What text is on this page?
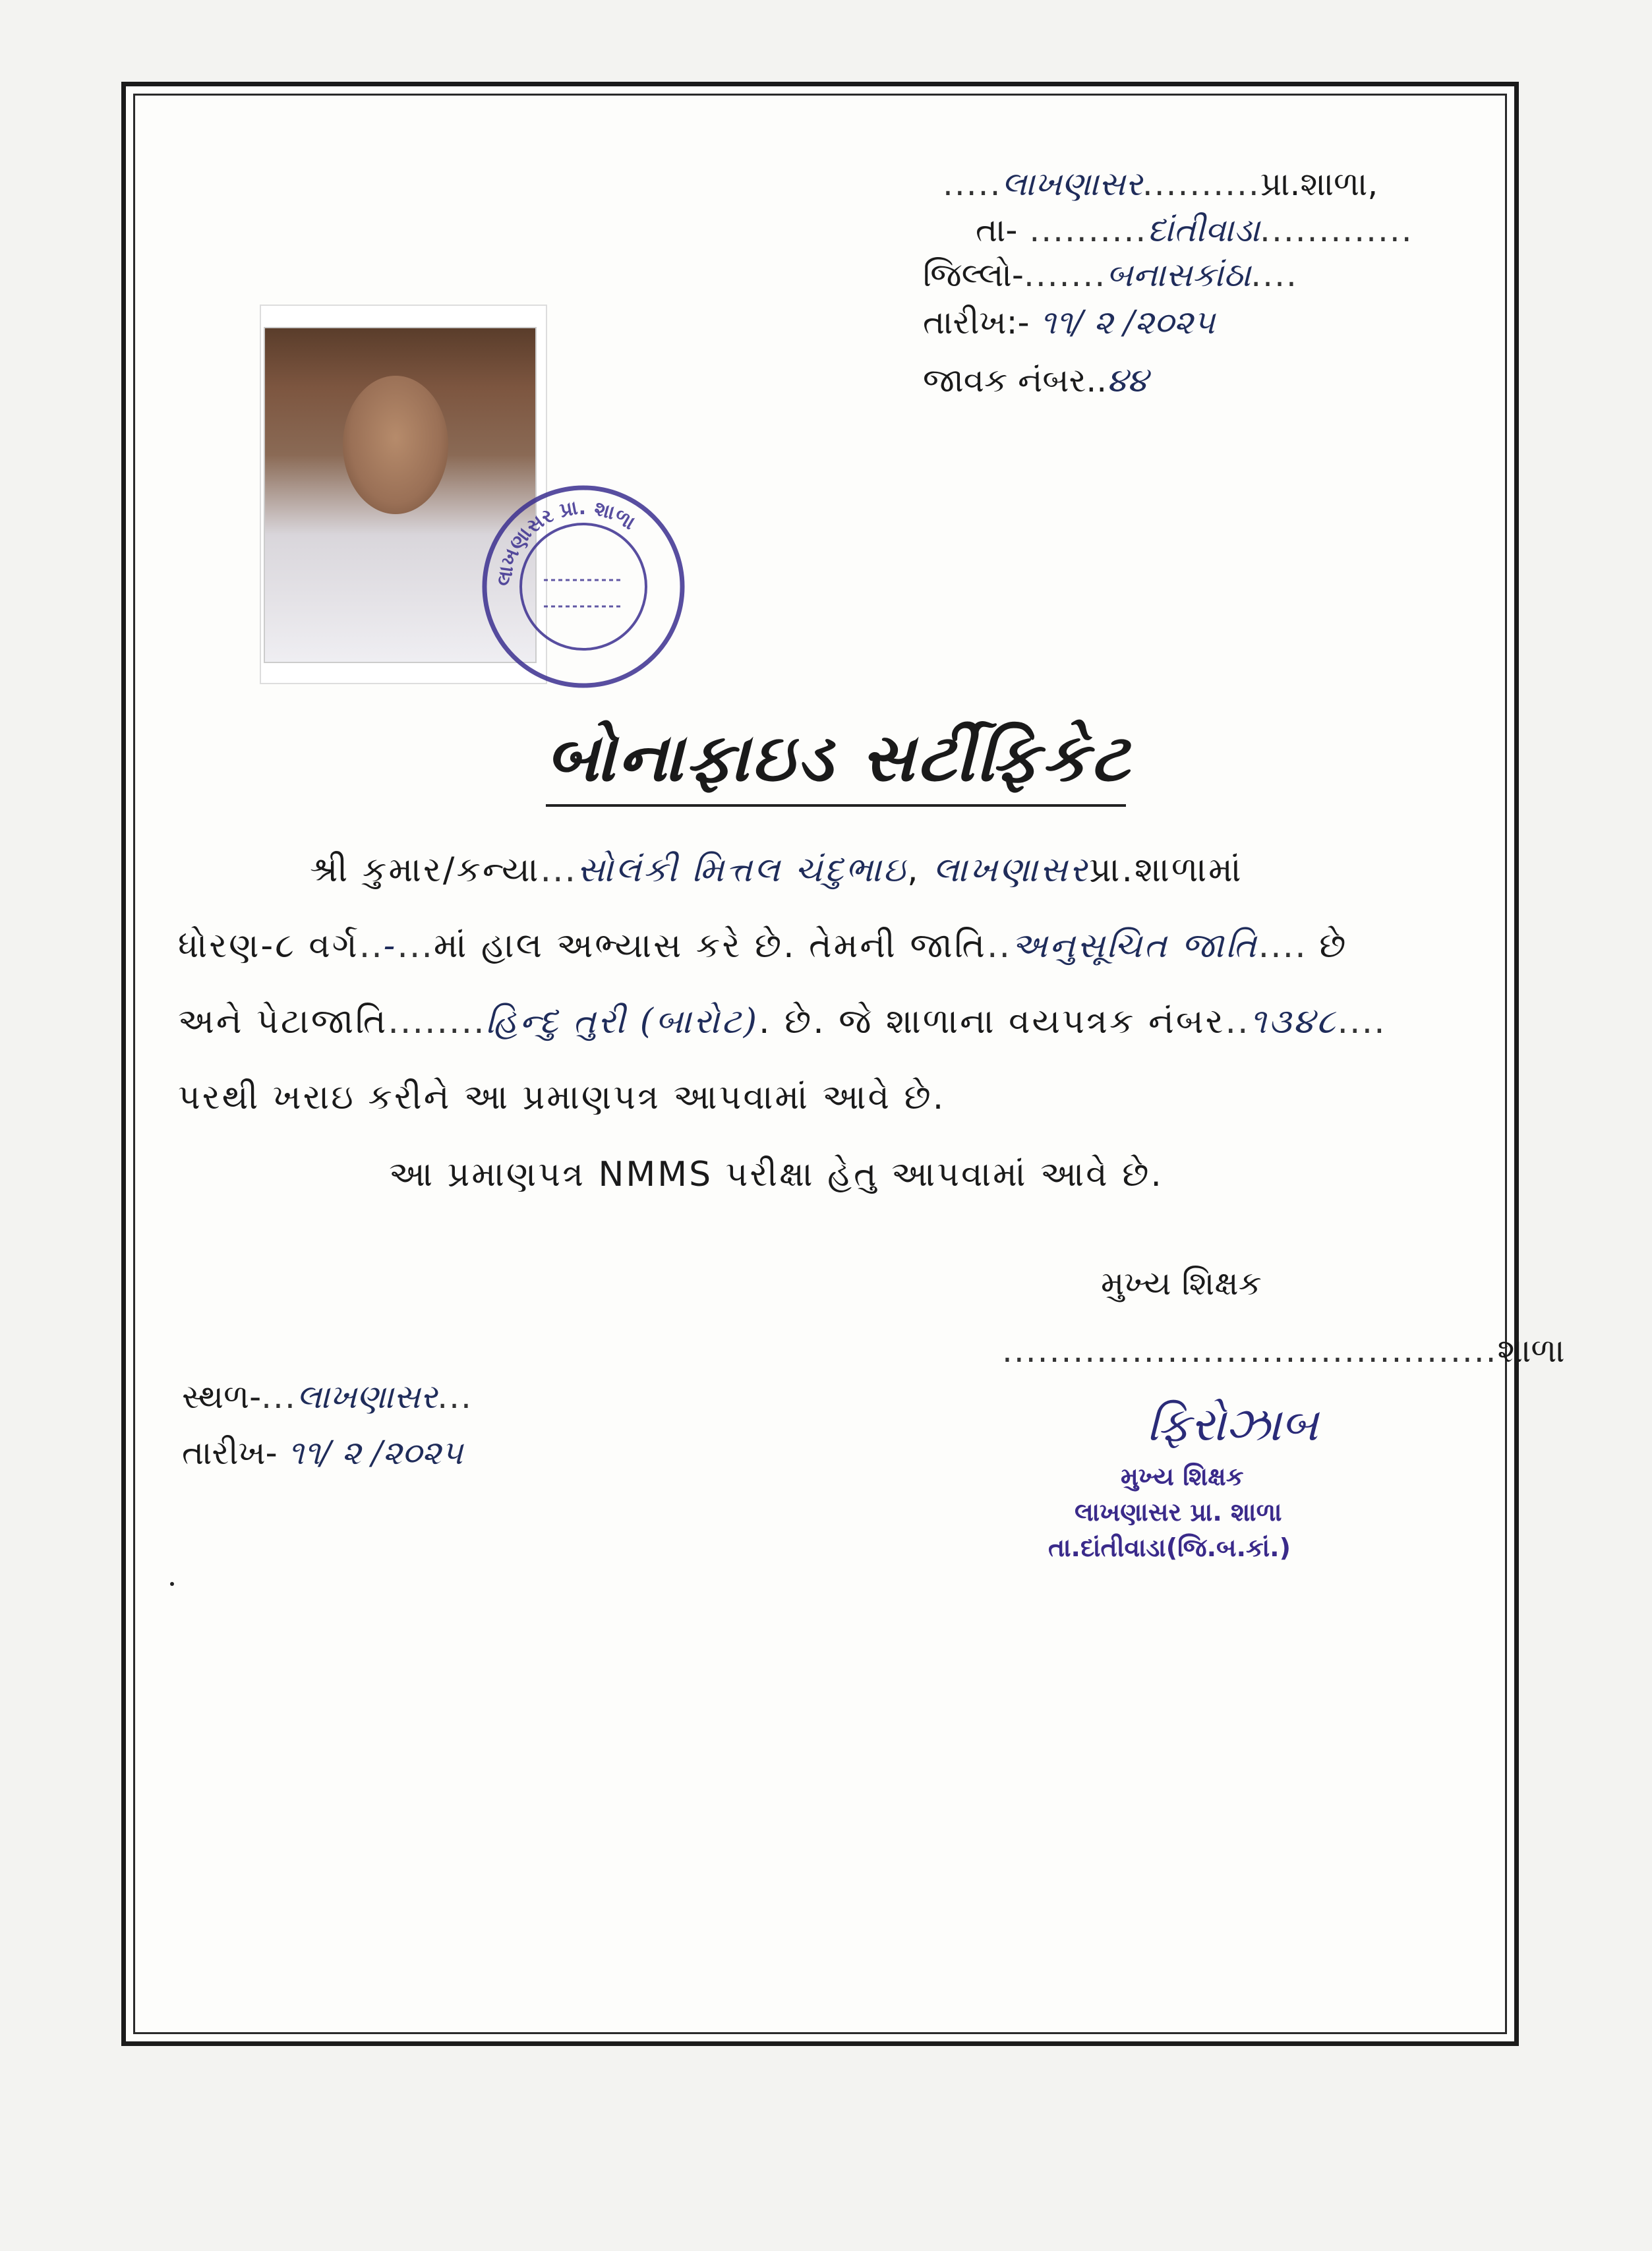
.....લાખણાસર..........પ્રા.શાળા,
તા- ..........દાંતીવાડા.............
જિલ્લો-.......બનાસકાંઠા....
તારીખ:- ૧૧/ ૨ /૨૦૨૫
જાવક નંબર..૪૪
લાખણાસર પ્રા. શાળા
બોનાફાઇડ સર્ટીફિકેટ
શ્રી કુમાર/કન્યા...સોલંકી મિત્તલ ચંદુભાઇ, લાખણાસરપ્રા.શાળામાં
ધોરણ-૮ વર્ગ..-...માં હાલ અભ્યાસ કરે છે. તેમની જાતિ..અનુસૂચિત જાતિ.... છે
અને પેટાજાતિ........હિન્દુ તુરી (બારોટ). છે. જે શાળાના વયપત્રક નંબર..૧૩૪૮....
પરથી ખરાઇ કરીને આ પ્રમાણપત્ર આપવામાં આવે છે.
આ પ્રમાણપત્ર NMMS પરીક્ષા હેતુ આપવામાં આવે છે.
મુખ્ય શિક્ષક
..........................................શાળા
ફિરોઝાબ
મુખ્ય શિક્ષક
લાખણાસર પ્રા. શાળા
તા.દાંતીવાડા(જિ.બ.કાં.)
સ્થળ-...લાખણાસર...
તારીખ- ૧૧/ ૨ /૨૦૨૫
